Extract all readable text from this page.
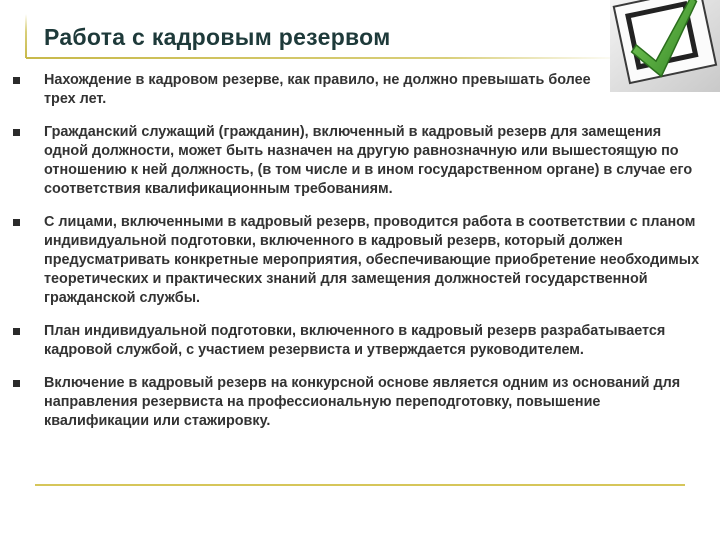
Работа с кадровым резервом
Нахождение в кадровом резерве, как правило, не должно превышать более трех лет.
Гражданский служащий (гражданин), включенный в кадровый резерв для замещения одной должности, может быть назначен на другую равнозначную или вышестоящую по отношению к ней должность, (в том числе и в ином государственном органе) в случае его соответствия квалификационным требованиям.
С лицами, включенными в кадровый резерв, проводится работа в соответствии с планом индивидуальной подготовки, включенного в кадровый резерв, который должен предусматривать конкретные мероприятия, обеспечивающие приобретение необходимых теоретических и практических знаний для замещения должностей государственной гражданской службы.
План индивидуальной подготовки, включенного в кадровый резерв разрабатывается кадровой службой, с участием резервиста и утверждается руководителем.
Включение в кадровый резерв на конкурсной основе является одним из оснований для направления резервиста на профессиональную переподготовку, повышение квалификации или стажировку.
